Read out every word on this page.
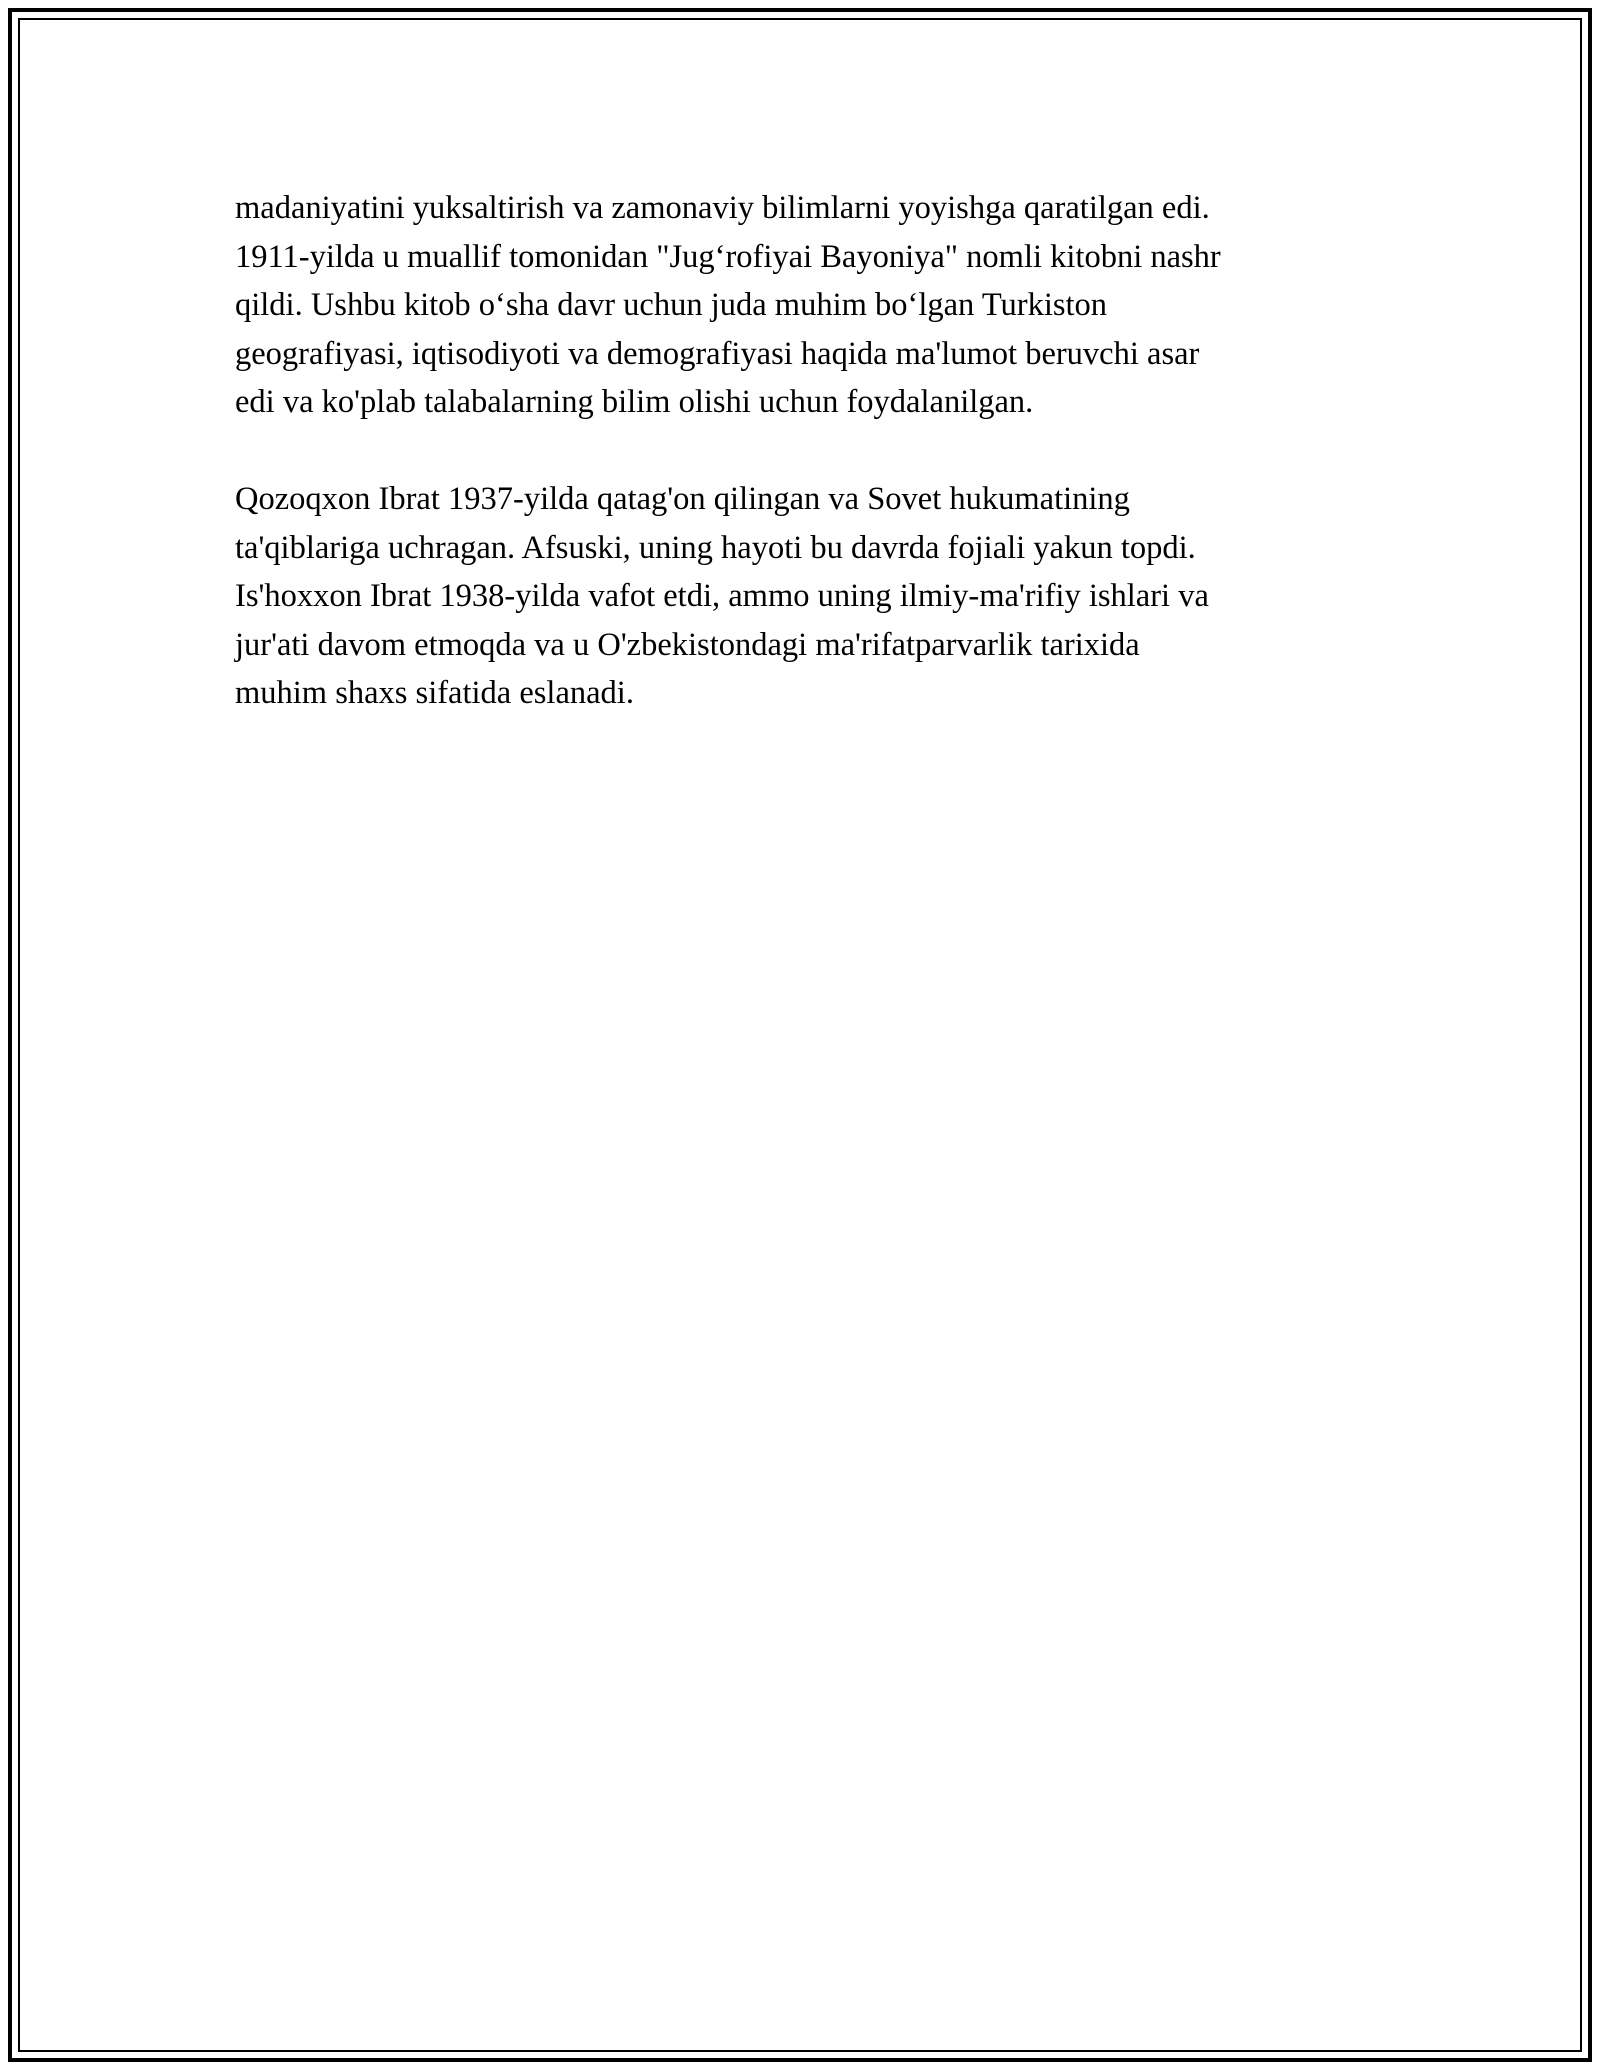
madaniyatini yuksaltirish va zamonaviy bilimlarni yoyishga qaratilgan edi.
1911-yilda u muallif tomonidan "Jug‘rofiyai Bayoniya" nomli kitobni nashr
qildi. Ushbu kitob o‘sha davr uchun juda muhim bo‘lgan Turkiston
geografiyasi, iqtisodiyoti va demografiyasi haqida ma'lumot beruvchi asar
edi va ko'plab talabalarning bilim olishi uchun foydalanilgan.

Qozoqxon Ibrat 1937-yilda qatag'on qilingan va Sovet hukumatining
ta'qiblariga uchragan. Afsuski, uning hayoti bu davrda fojiali yakun topdi.
Is'hoxxon Ibrat 1938-yilda vafot etdi, ammo uning ilmiy-ma'rifiy ishlari va
jur'ati davom etmoqda va u O'zbekistondagi ma'rifatparvarlik tarixida
muhim shaxs sifatida eslanadi.
